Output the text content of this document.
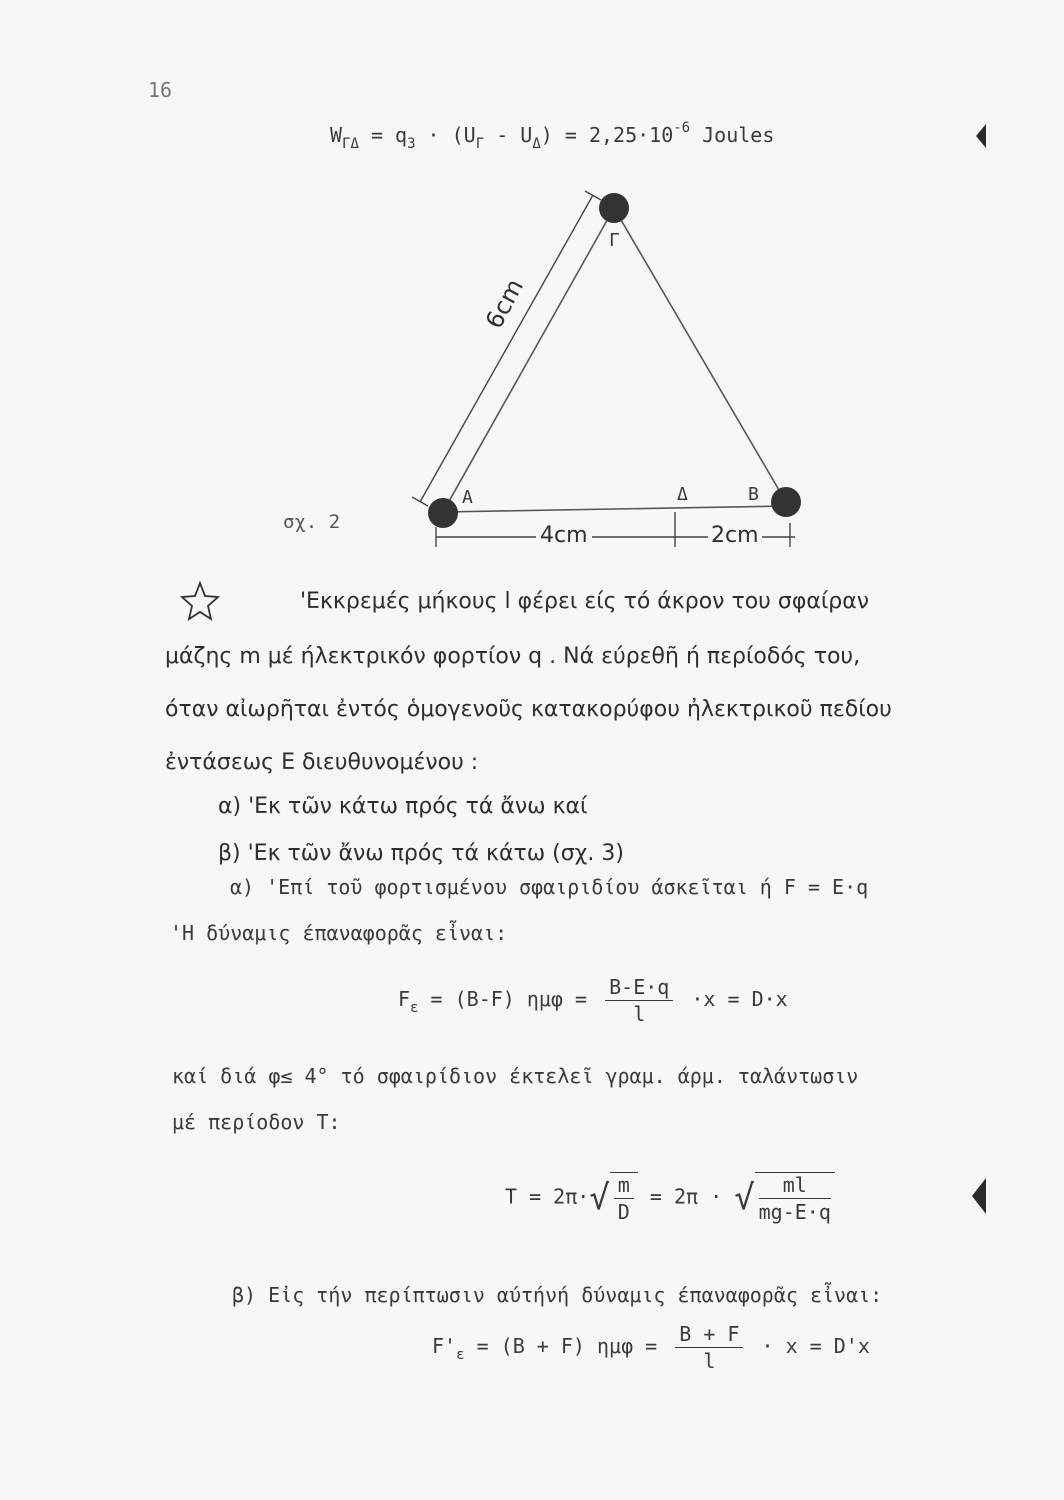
16
$W_{\Gamma\Delta} = q_3 \cdot (U_\Gamma - U_\Delta) = 2,25\cdot 10^{-6}$ Joules
Γ
Α	Δ	Β
6cm
4cm	2cm
σχ. 2
'Εκκρεμές μήκους l φέρει είς τό άκρον του σφαίραν
μάζης m μέ ήλεκτρικόν φορτίον q . Νά εύρεθῆ ή περίοδός του,
όταν αἰωρῆται ἐντός ὁμογενοῦς κατακορύφου ἠλεκτρικοῦ πεδίου
ἐντάσεως Ε διευθυνομένου :
α) 'Εκ τῶν κάτω πρός τά ἄνω καί
β) 'Εκ τῶν ἄνω πρός τά κάτω (σχ. 3)
α) 'Επί τοῦ φορτισμένου σφαιριδίου άσκεῖται ή F = Ε·q
'Η δύναμις έπαναφορᾶς εἶναι:
$F_\varepsilon = (B-F) \eta\mu\varphi = \frac{B-E\cdot q}{l} \cdot x = D\cdot x$
καί διά φ≤ 4° τό σφαιρίδιον έκτελεῖ γραμ. άρμ. ταλάντωσιν
μέ περίοδον T:
$T = 2\pi\cdot√ \frac{m}{D} = 2\pi$ · √ $\frac{ml}{mg-E\cdot q}$
β) Εἰς τήν περίπτωσιν αύτήνή δύναμις έπαναφορᾶς εἶναι:
$F'_\varepsilon = (B + F) \eta\mu\varphi = \frac{B + F}{l} \cdot x = D'x$
